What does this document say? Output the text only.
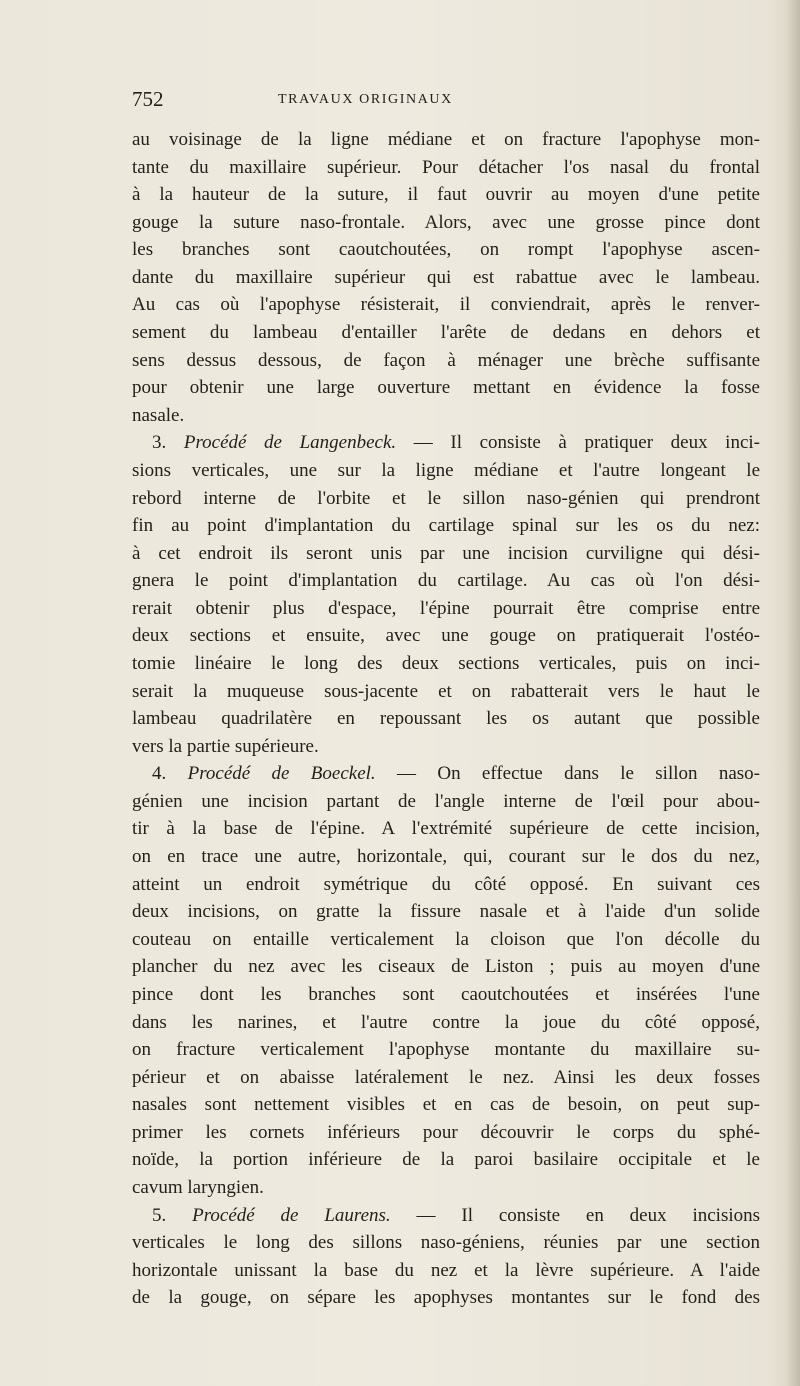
752	TRAVAUX ORIGINAUX
au voisinage de la ligne médiane et on fracture l'apophyse mon-
tante du maxillaire supérieur. Pour détacher l'os nasal du frontal
à la hauteur de la suture, il faut ouvrir au moyen d'une petite
gouge la suture naso-frontale. Alors, avec une grosse pince dont
les branches sont caoutchoutées, on rompt l'apophyse ascen-
dante du maxillaire supérieur qui est rabattue avec le lambeau.
Au cas où l'apophyse résisterait, il conviendrait, après le renver-
sement du lambeau d'entailler l'arête de dedans en dehors et
sens dessus dessous, de façon à ménager une brèche suffisante
pour obtenir une large ouverture mettant en évidence la fosse
nasale.
3. Procédé de Langenbeck. — Il consiste à pratiquer deux inci-
sions verticales, une sur la ligne médiane et l'autre longeant le
rebord interne de l'orbite et le sillon naso-génien qui prendront
fin au point d'implantation du cartilage spinal sur les os du nez:
à cet endroit ils seront unis par une incision curviligne qui dési-
gnera le point d'implantation du cartilage. Au cas où l'on dési-
rerait obtenir plus d'espace, l'épine pourrait être comprise entre
deux sections et ensuite, avec une gouge on pratiquerait l'ostéo-
tomie linéaire le long des deux sections verticales, puis on inci-
serait la muqueuse sous-jacente et on rabatterait vers le haut le
lambeau quadrilatère en repoussant les os autant que possible
vers la partie supérieure.
4. Procédé de Boeckel. — On effectue dans le sillon naso-
génien une incision partant de l'angle interne de l'œil pour abou-
tir à la base de l'épine. A l'extrémité supérieure de cette incision,
on en trace une autre, horizontale, qui, courant sur le dos du nez,
atteint un endroit symétrique du côté opposé. En suivant ces
deux incisions, on gratte la fissure nasale et à l'aide d'un solide
couteau on entaille verticalement la cloison que l'on décolle du
plancher du nez avec les ciseaux de Liston ; puis au moyen d'une
pince dont les branches sont caoutchoutées et insérées l'une
dans les narines, et l'autre contre la joue du côté opposé,
on fracture verticalement l'apophyse montante du maxillaire su-
périeur et on abaisse latéralement le nez. Ainsi les deux fosses
nasales sont nettement visibles et en cas de besoin, on peut sup-
primer les cornets inférieurs pour découvrir le corps du sphé-
noïde, la portion inférieure de la paroi basilaire occipitale et le
cavum laryngien.
5. Procédé de Laurens. — Il consiste en deux incisions
verticales le long des sillons naso-géniens, réunies par une section
horizontale unissant la base du nez et la lèvre supérieure. A l'aide
de la gouge, on sépare les apophyses montantes sur le fond des
